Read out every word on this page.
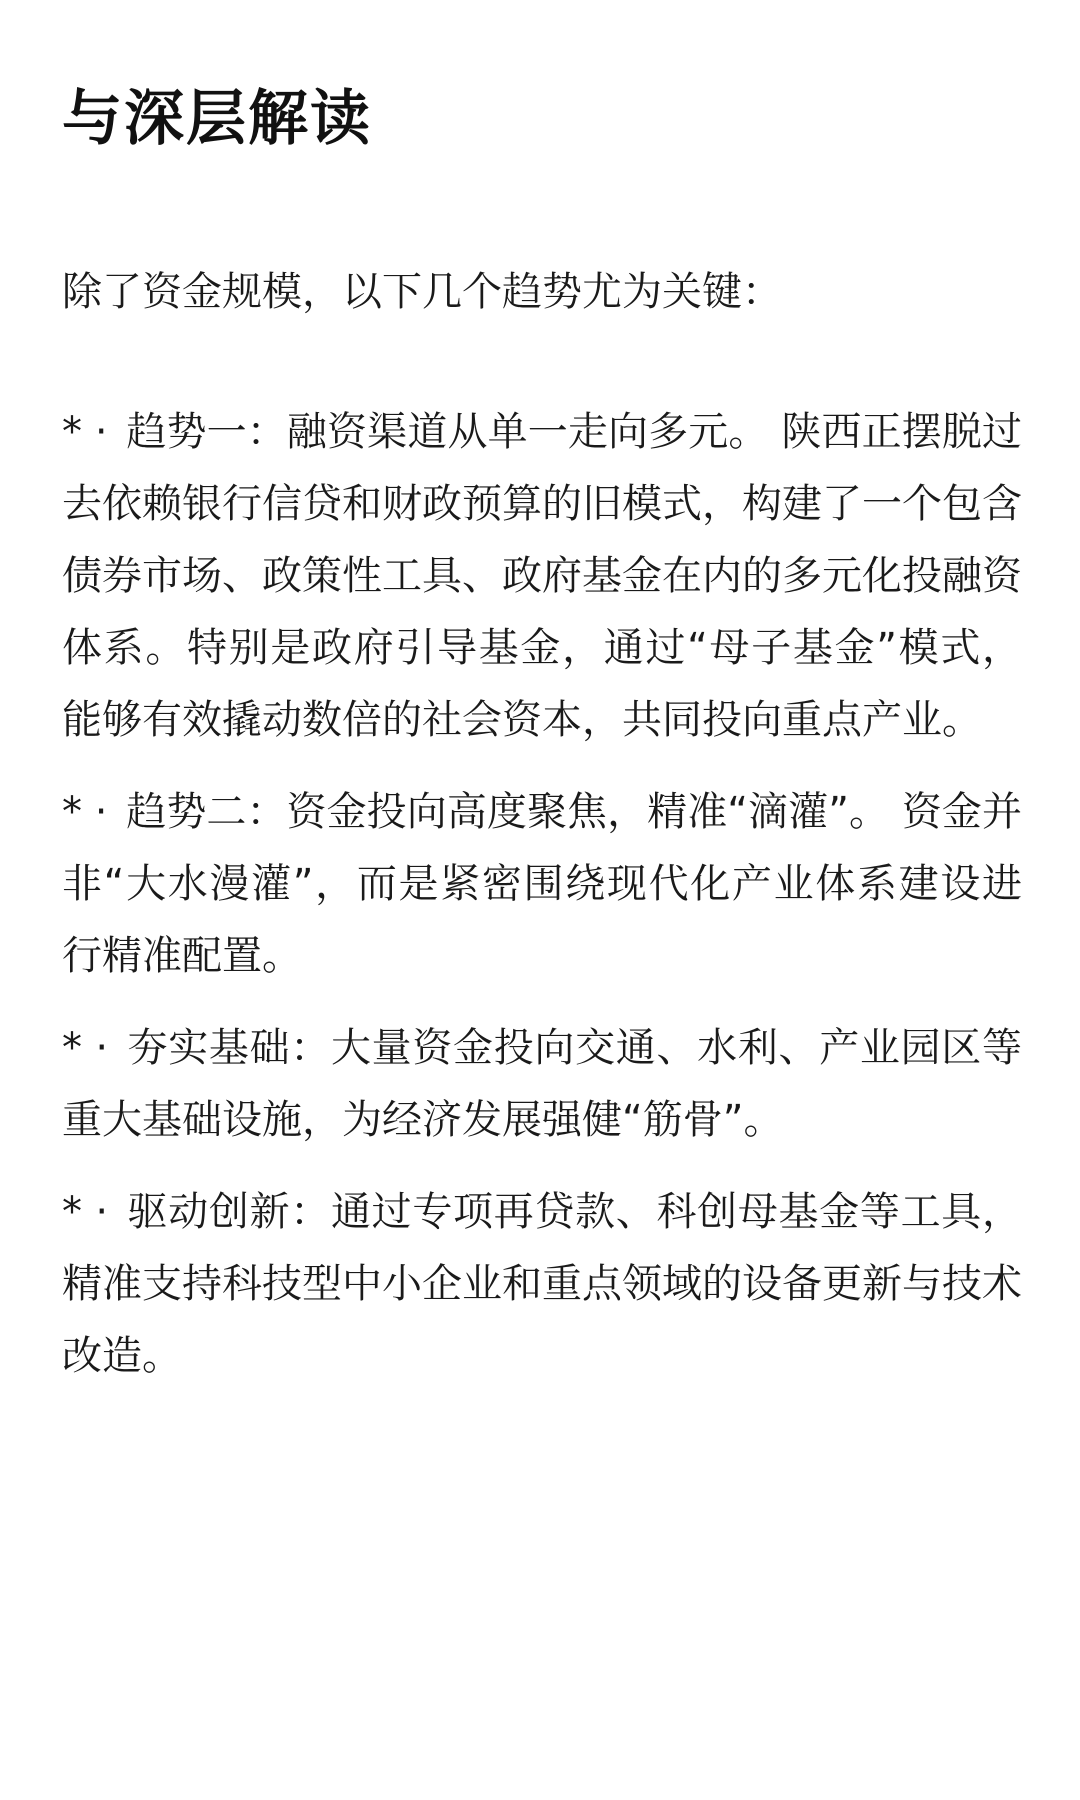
与深层解读

除了资金规模，以下几个趋势尤为关键：

* · 趋势一：融资渠道从单一走向多元。 陕西正摆脱过去依赖银行信贷和财政预算的旧模式，构建了一个包含债券市场、政策性工具、政府基金在内的多元化投融资体系。特别是政府引导基金，通过“母子基金”模式，能够有效撬动数倍的社会资本，共同投向重点产业。

* · 趋势二：资金投向高度聚焦，精准“滴灌”。 资金并非“大水漫灌”，而是紧密围绕现代化产业体系建设进行精准配置。

* · 夯实基础：大量资金投向交通、水利、产业园区等重大基础设施，为经济发展强健“筋骨”。

* · 驱动创新：通过专项再贷款、科创母基金等工具，精准支持科技型中小企业和重点领域的设备更新与技术改造。
